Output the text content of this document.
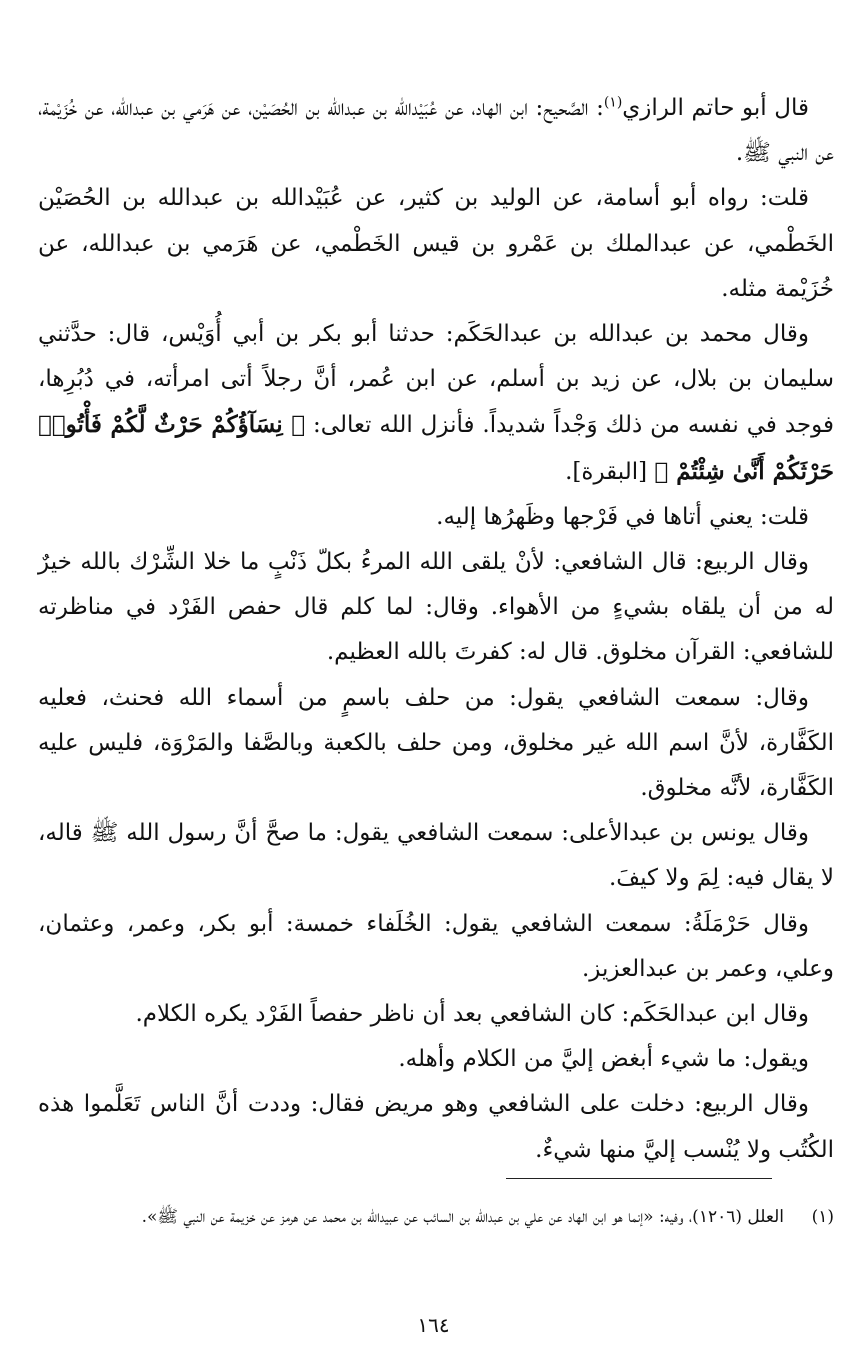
قال أبو حاتم الرازي$^{(١)}$: الصَّحيح: ابن الهاد، عن عُبَيْدالله بن عبدالله بن الحُصَيْن، عن هَرَمي بن عبدالله، عن خُزَيْمة، عن النبي ﷺ.

قلت: رواه أبو أسامة، عن الوليد بن كثير، عن عُبَيْدالله بن عبدالله بن الحُصَيْن الخَطْمي، عن عبدالملك بن عَمْرو بن قيس الخَطْمي، عن هَرَمي بن عبدالله، عن خُزَيْمة مثله.

وقال محمد بن عبدالله بن عبدالحَكَم: حدثنا أبو بكر بن أبي أُوَيْس، قال: حدَّثني سليمان بن بلال، عن زيد بن أسلم، عن ابن عُمر، أنَّ رجلاً أتى امرأته، في دُبُرِها، فوجد في نفسه من ذلك وَجْداً شديداً. فأنزل الله تعالى: ﴿ نِسَآؤُكُمْ حَرْثٌ لَّكُمْ فَأْتُوا۟ حَرْثَكُمْ أَنَّىٰ شِئْتُمْ ﴾ [البقرة].

قلت: يعني أتاها في فَرْجها وظَهرُها إليه.

وقال الربيع: قال الشافعي: لأنْ يلقى الله المرءُ بكلّ ذَنْبٍ ما خلا الشِّرْك بالله خيرٌ له من أن يلقاه بشيءٍ من الأهواء. وقال: لما كلم قال حفص الفَرْد في مناظرته للشافعي: القرآن مخلوق. قال له: كفرتَ بالله العظيم.

وقال: سمعت الشافعي يقول: من حلف باسمٍ من أسماء الله فحنث، فعليه الكَفَّارة، لأنَّ اسم الله غير مخلوق، ومن حلف بالكعبة وبالصَّفا والمَرْوَة، فليس عليه الكَفَّارة، لأنَّه مخلوق.

وقال يونس بن عبدالأعلى: سمعت الشافعي يقول: ما صحَّ أنَّ رسول الله ﷺ قاله، لا يقال فيه: لِمَ ولا كيفَ.

وقال حَرْمَلَةُ: سمعت الشافعي يقول: الخُلَفاء خمسة: أبو بكر، وعمر، وعثمان، وعلي، وعمر بن عبدالعزيز.

وقال ابن عبدالحَكَم: كان الشافعي بعد أن ناظر حفصاً الفَرْد يكره الكلام.

ويقول: ما شيء أبغض إليَّ من الكلام وأهله.

وقال الربيع: دخلت على الشافعي وهو مريض فقال: وددت أنَّ الناس تَعَلَّموا هذه الكُتُب ولا يُنْسب إليَّ منها شيءٌ.

(١)العلل (١٢٠٦)، وفيه: «إنما هو ابن الهاد عن علي بن عبدالله بن السائب عن عبيدالله بن محمد عن هرمز عن خزيمة عن النبي ﷺ».
١٦٤
